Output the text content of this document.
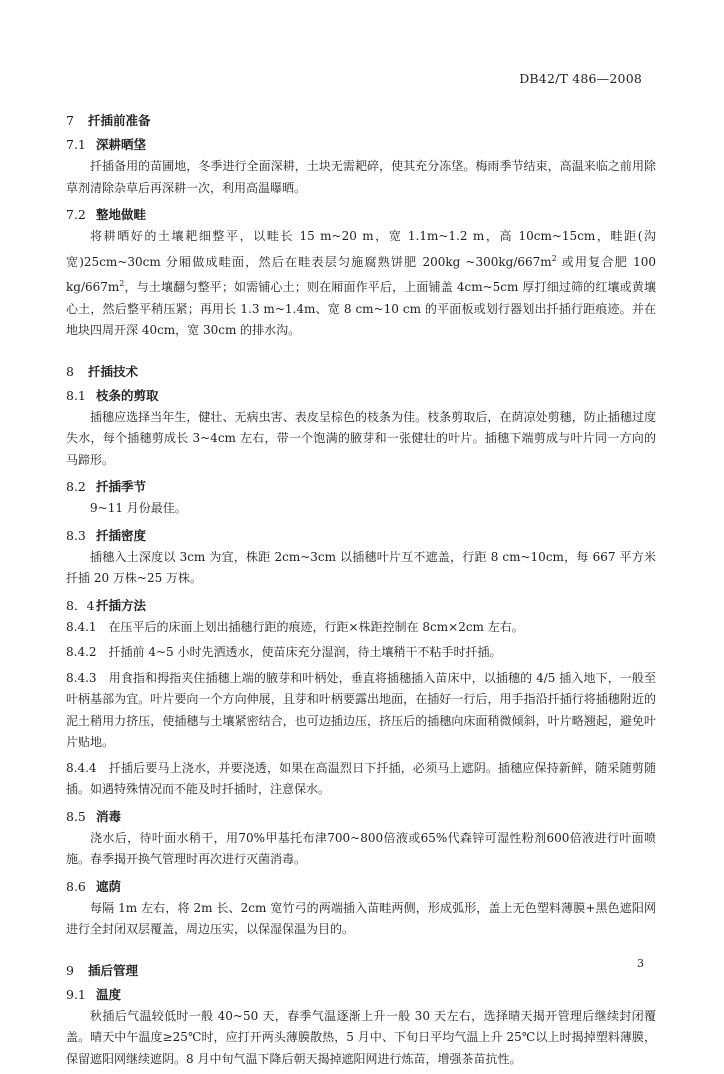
DB42/T 486—2008
7 扦插前准备
7.1 深耕晒垡

扦插备用的苗圃地，冬季进行全面深耕，土块无需耙碎，使其充分冻垡。梅雨季节结束，高温来临之前用除草剂清除杂草后再深耕一次，利用高温曝晒。

7.2 整地做畦

将耕晒好的土壤耙细整平，以畦长 15 m~20 m，宽 1.1m~1.2 m，高 10cm~15cm，畦距(沟宽)25cm~30cm 分厢做成畦面，然后在畦表层匀施腐熟饼肥 200kg $\sim 300kg/667m^2$ 或用复合肥 100 $kg/667m^2$，与土壤翻匀整平；如需铺心土；则在厢面作平后，上面铺盖 4cm~5cm 厚打细过筛的红壤或黄壤心土，然后整平稍压紧；再用长 1.3 m~1.4m、宽 8 cm~10 cm 的平面板或划行器划出扦插行距痕迹。并在地块四周开深 40cm，宽 30cm 的排水沟。

8 扦插技术
8.1 枝条的剪取

插穗应选择当年生，健壮、无病虫害、表皮呈棕色的枝条为佳。枝条剪取后，在荫凉处剪穗，防止插穗过度失水，每个插穗剪成长 3~4cm 左右，带一个饱满的腋芽和一张健壮的叶片。插穗下端剪成与叶片同一方向的马蹄形。

8.2 扦插季节

9~11 月份最佳。

8.3 扦插密度

插穗入土深度以 3cm 为宜，株距 2cm~3cm 以插穗叶片互不遮盖，行距 8 cm~10cm，每 667 平方米扦插 20 万株~25 万株。

8．4 扦插方法

8.4.1　在压平后的床面上划出插穗行距的痕迹，行距×株距控制在 8cm×2cm 左右。

8.4.2　扦插前 4~5 小时先洒透水，使苗床充分湿润，待土壤稍干不粘手时扦插。

8.4.3　用食指和拇指夹住插穗上端的腋芽和叶柄处，垂直将插穗插入苗床中，以插穗的 4/5 插入地下，一般至叶柄基部为宜。叶片要向一个方向伸展，且芽和叶柄要露出地面，在插好一行后，用手指沿扦插行将插穗附近的泥土稍用力挤压，使插穗与土壤紧密结合，也可边插边压，挤压后的插穗向床面稍微倾斜，叶片略翘起，避免叶片贴地。

8.4.4　扦插后要马上浇水，并要浇透，如果在高温烈日下扦插，必须马上遮阴。插穗应保持新鲜，随采随剪随插。如遇特殊情况而不能及时扦插时，注意保水。

8.5 消毒

浇水后，待叶面水稍干，用70%甲基托布津700~800倍液或65%代森锌可湿性粉剂600倍液进行叶面喷施。春季揭开换气管理时再次进行灭菌消毒。

8.6 遮荫

每隔 1m 左右，将 2m 长、2cm 宽竹弓的两端插入苗畦两侧，形成弧形，盖上无色塑料薄膜+黑色遮阳网进行全封闭双层覆盖，周边压实，以保湿保温为目的。

9 插后管理
9.1 温度

秋插后气温较低时一般 40~50 天，春季气温逐渐上升一般 30 天左右，选择晴天揭开管理后继续封闭覆盖。晴天中午温度≥25℃时，应打开两头薄膜散热，5 月中、下旬日平均气温上升 25℃以上时揭掉塑料薄膜，保留遮阳网继续遮阴。8 月中旬气温下降后朝天揭掉遮阳网进行炼苗，增强茶苗抗性。

3
